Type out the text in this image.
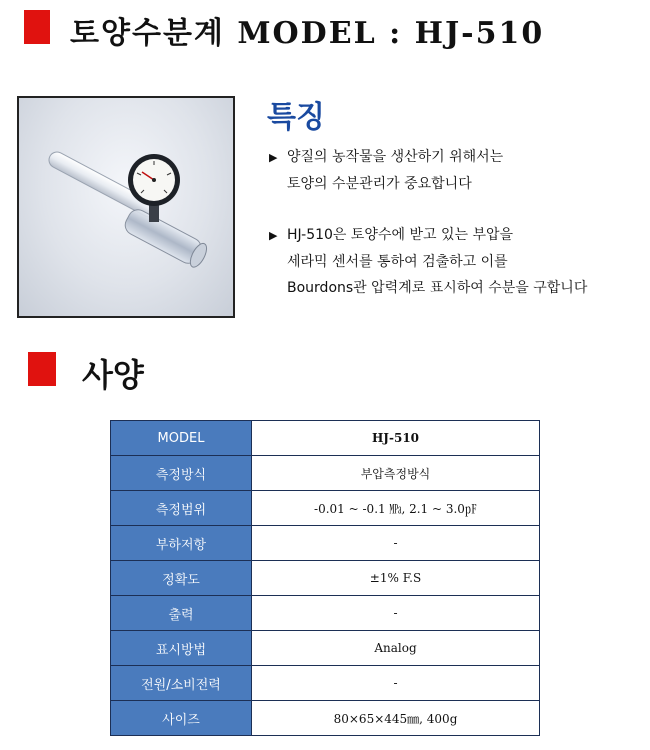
토양수분계 MODEL : HJ-510
특징
▶ 양질의 농작물을 생산하기 위해서는
토양의 수분관리가 중요합니다
▶ HJ-510은 토양수에 받고 있는 부압을
세라믹 센서를 통하여 검출하고 이를
Bourdons관 압력계로 표시하여 수분을 구합니다
사양
MODEL	HJ-510
측정방식	부압측정방식
측정범위	-0.01 ~ -0.1 ㎫, 2.1 ~ 3.0㎊
부하저항	-
정확도	±1% F.S
출력	-
표시방법	Analog
전원/소비전력	-
사이즈	80×65×445㎜, 400g
